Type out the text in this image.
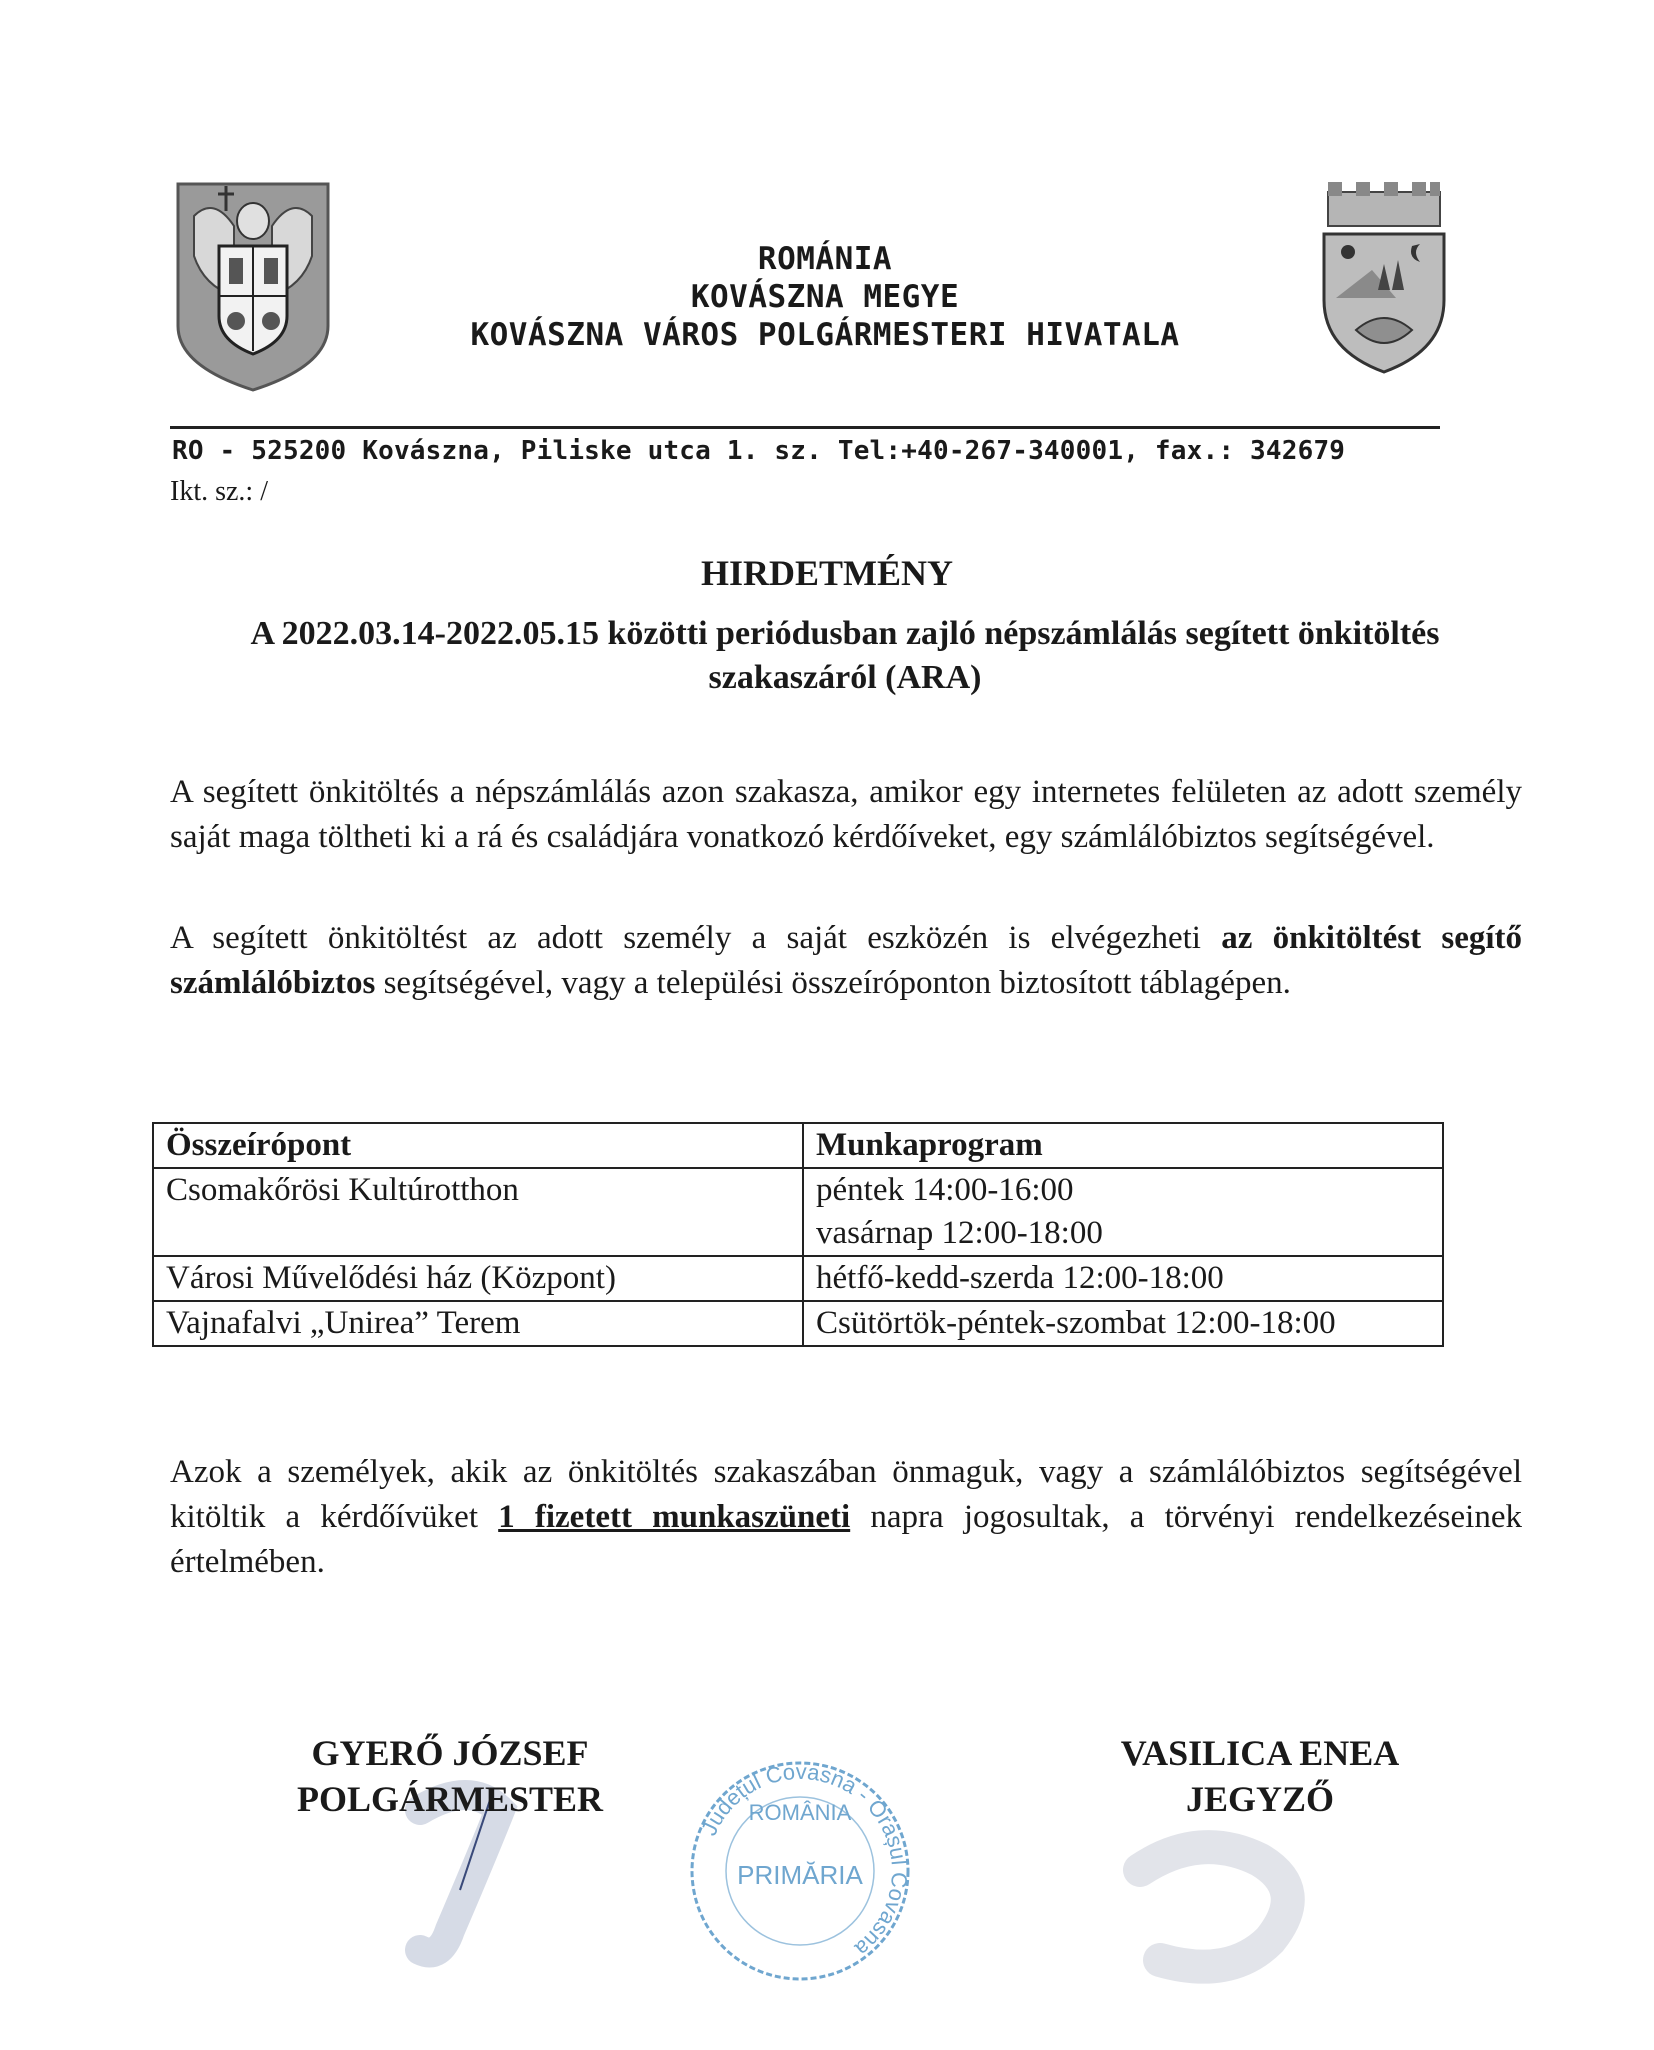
ROMÁNIA
KOVÁSZNA MEGYE
KOVÁSZNA VÁROS POLGÁRMESTERI HIVATALA
RO - 525200 Kovászna, Piliske utca 1. sz. Tel:+40-267-340001, fax.: 342679
Ikt. sz.: /
HIRDETMÉNY
A 2022.03.14-2022.05.15 közötti periódusban zajló népszámlálás segített önkitöltés
szakaszáról (ARA)
A segített önkitöltés a népszámlálás azon szakasza, amikor egy internetes felületen az adott személy saját maga töltheti ki a rá és családjára vonatkozó kérdőíveket, egy számlálóbiztos segítségével.
A segített önkitöltést az adott személy a saját eszközén is elvégezheti az önkitöltést segítő számlálóbiztos segítségével, vagy a települési összeíróponton biztosított táblagépen.
Összeírópont	Munkaprogram
Csomakőrösi Kultúrotthon	péntek 14:00-16:00
vasárnap 12:00-18:00

Városi Művelődési ház (Központ)	hétfő-kedd-szerda 12:00-18:00

Vajnafalvi „Unirea” Terem	Csütörtök-péntek-szombat 12:00-18:00
Azok a személyek, akik az önkitöltés szakaszában önmaguk, vagy a számlálóbiztos segítségével kitöltik a kérdőívüket 1 fizetett munkaszüneti napra jogosultak, a törvényi rendelkezéseinek értelmében.
GYERŐ JÓZSEF
POLGÁRMESTER
VASILICA ENEA
JEGYZŐ
Județul Covasna - Orașul Covasna
ROMÂNIA
PRIMĂRIA
